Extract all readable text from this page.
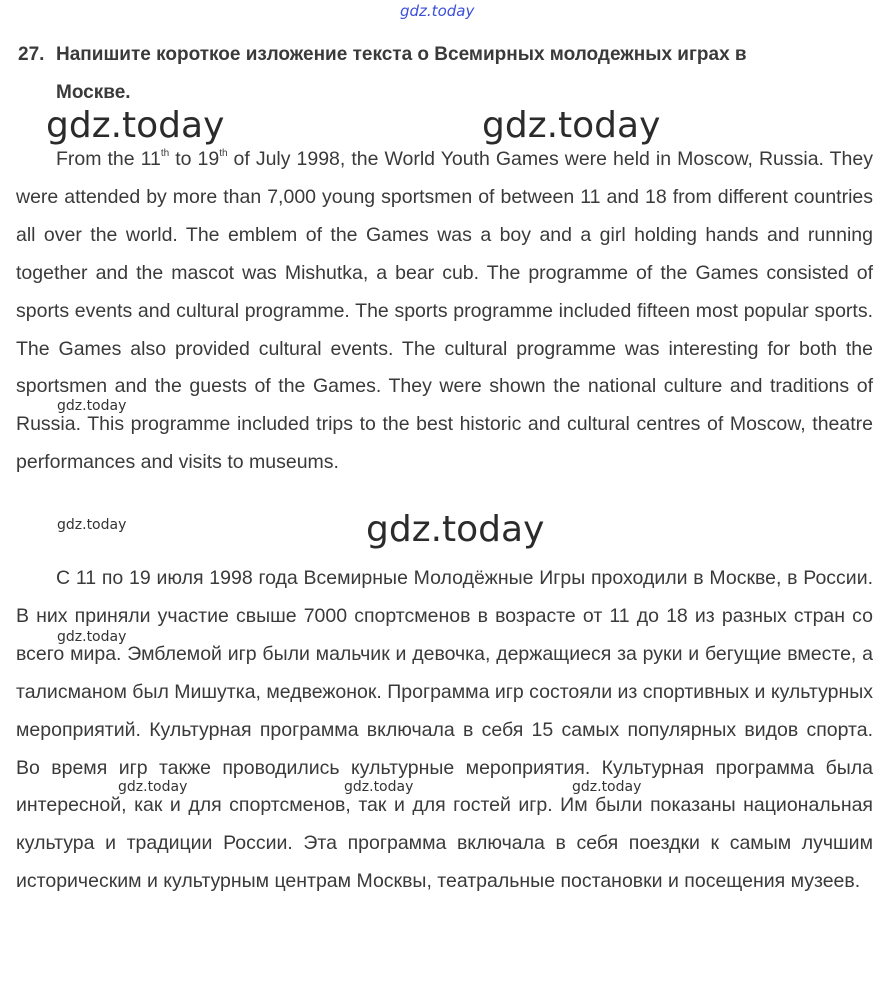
gdz.today
27. Напишите короткое изложение текста о Всемирных молодежных играх в
Москве.

From the 11th to 19th of July 1998, the World Youth Games were held in Moscow, Russia. They were attended by more than 7,000 young sportsmen of between 11 and 18 from different countries all over the world. The emblem of the Games was a boy and a girl holding hands and running together and the mascot was Mishutka, a bear cub. The programme of the Games consisted of sports events and cultural programme. The sports programme included fifteen most popular sports. The Games also provided cultural events. The cultural programme was interesting for both the sportsmen and the guests of the Games. They were shown the national culture and traditions of Russia. This programme included trips to the best historic and cultural centres of Moscow, theatre performances and visits to museums.

С 11 по 19 июля 1998 года Всемирные Молодёжные Игры проходили в Москве, в России. В них приняли участие свыше 7000 спортсменов в возрасте от 11 до 18 из разных стран со всего мира. Эмблемой игр были мальчик и девочка, держащиеся за руки и бегущие вместе, а талисманом был Мишутка, медвежонок. Программа игр состояли из спортивных и культурных мероприятий. Культурная программа включала в себя 15 самых популярных видов спорта. Во время игр также проводились культурные мероприятия. Культурная программа была интересной, как и для спортсменов, так и для гостей игр. Им были показаны национальная культура и традиции России. Эта программа включала в себя поездки к самым лучшим историческим и культурным центрам Москвы, театральные постановки и посещения музеев.

gdz.today	gdz.today
gdz.today
gdz.today
gdz.today
gdz.today
gdz.today	gdz.today	gdz.today
